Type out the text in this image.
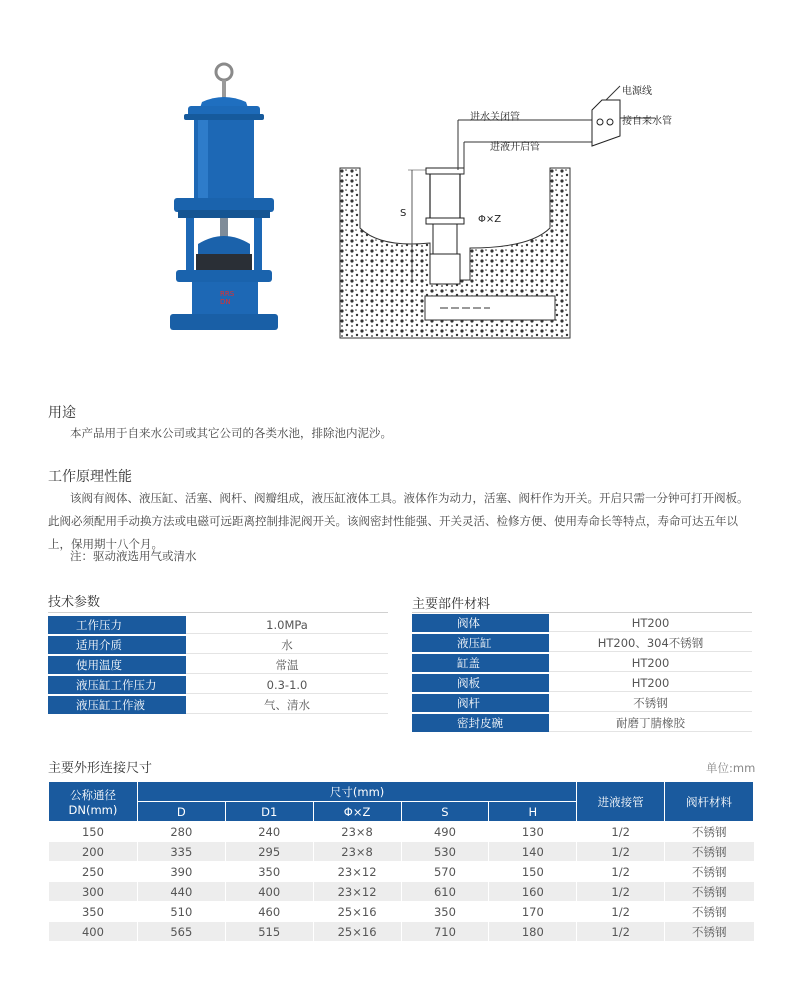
RRS
DN
电源线
进水关闭管	接自来水管
进液开启管
Φ×Z
S
用途
本产品用于自来水公司或其它公司的各类水池，排除池内泥沙。
工作原理性能
该阀有阀体、液压缸、活塞、阀杆、阀瓣组成，液压缸液体工具。液体作为动力，活塞、阀杆作为开关。开启只需一分钟可打开阀板。此阀必须配用手动换方法或电磁可远距离控制排泥阀开关。该阀密封性能强、开关灵活、检修方便、使用寿命长等特点，寿命可达五年以上，保用期十八个月。
注：驱动液选用气或清水
技术参数
工作压力	1.0MPa
适用介质	水
使用温度	常温
液压缸工作压力	0.3-1.0
液压缸工作液	气、清水
主要部件材料
阀体	HT200
液压缸	HT200、304不锈钢
缸盖	HT200
阀板	HT200
阀杆	不锈钢
密封皮碗	耐磨丁腈橡胶
主要外形连接尺寸	单位:mm
公称通径DN(mm)	尺寸(mm)					进液接管	阀杆材料
	D	D1	Φ×Z	S	H		
150	280	240	23×8	490	130	1/2	不锈钢
200	335	295	23×8	530	140	1/2	不锈钢
250	390	350	23×12	570	150	1/2	不锈钢
300	440	400	23×12	610	160	1/2	不锈钢
350	510	460	25×16	350	170	1/2	不锈钢
400	565	515	25×16	710	180	1/2	不锈钢
